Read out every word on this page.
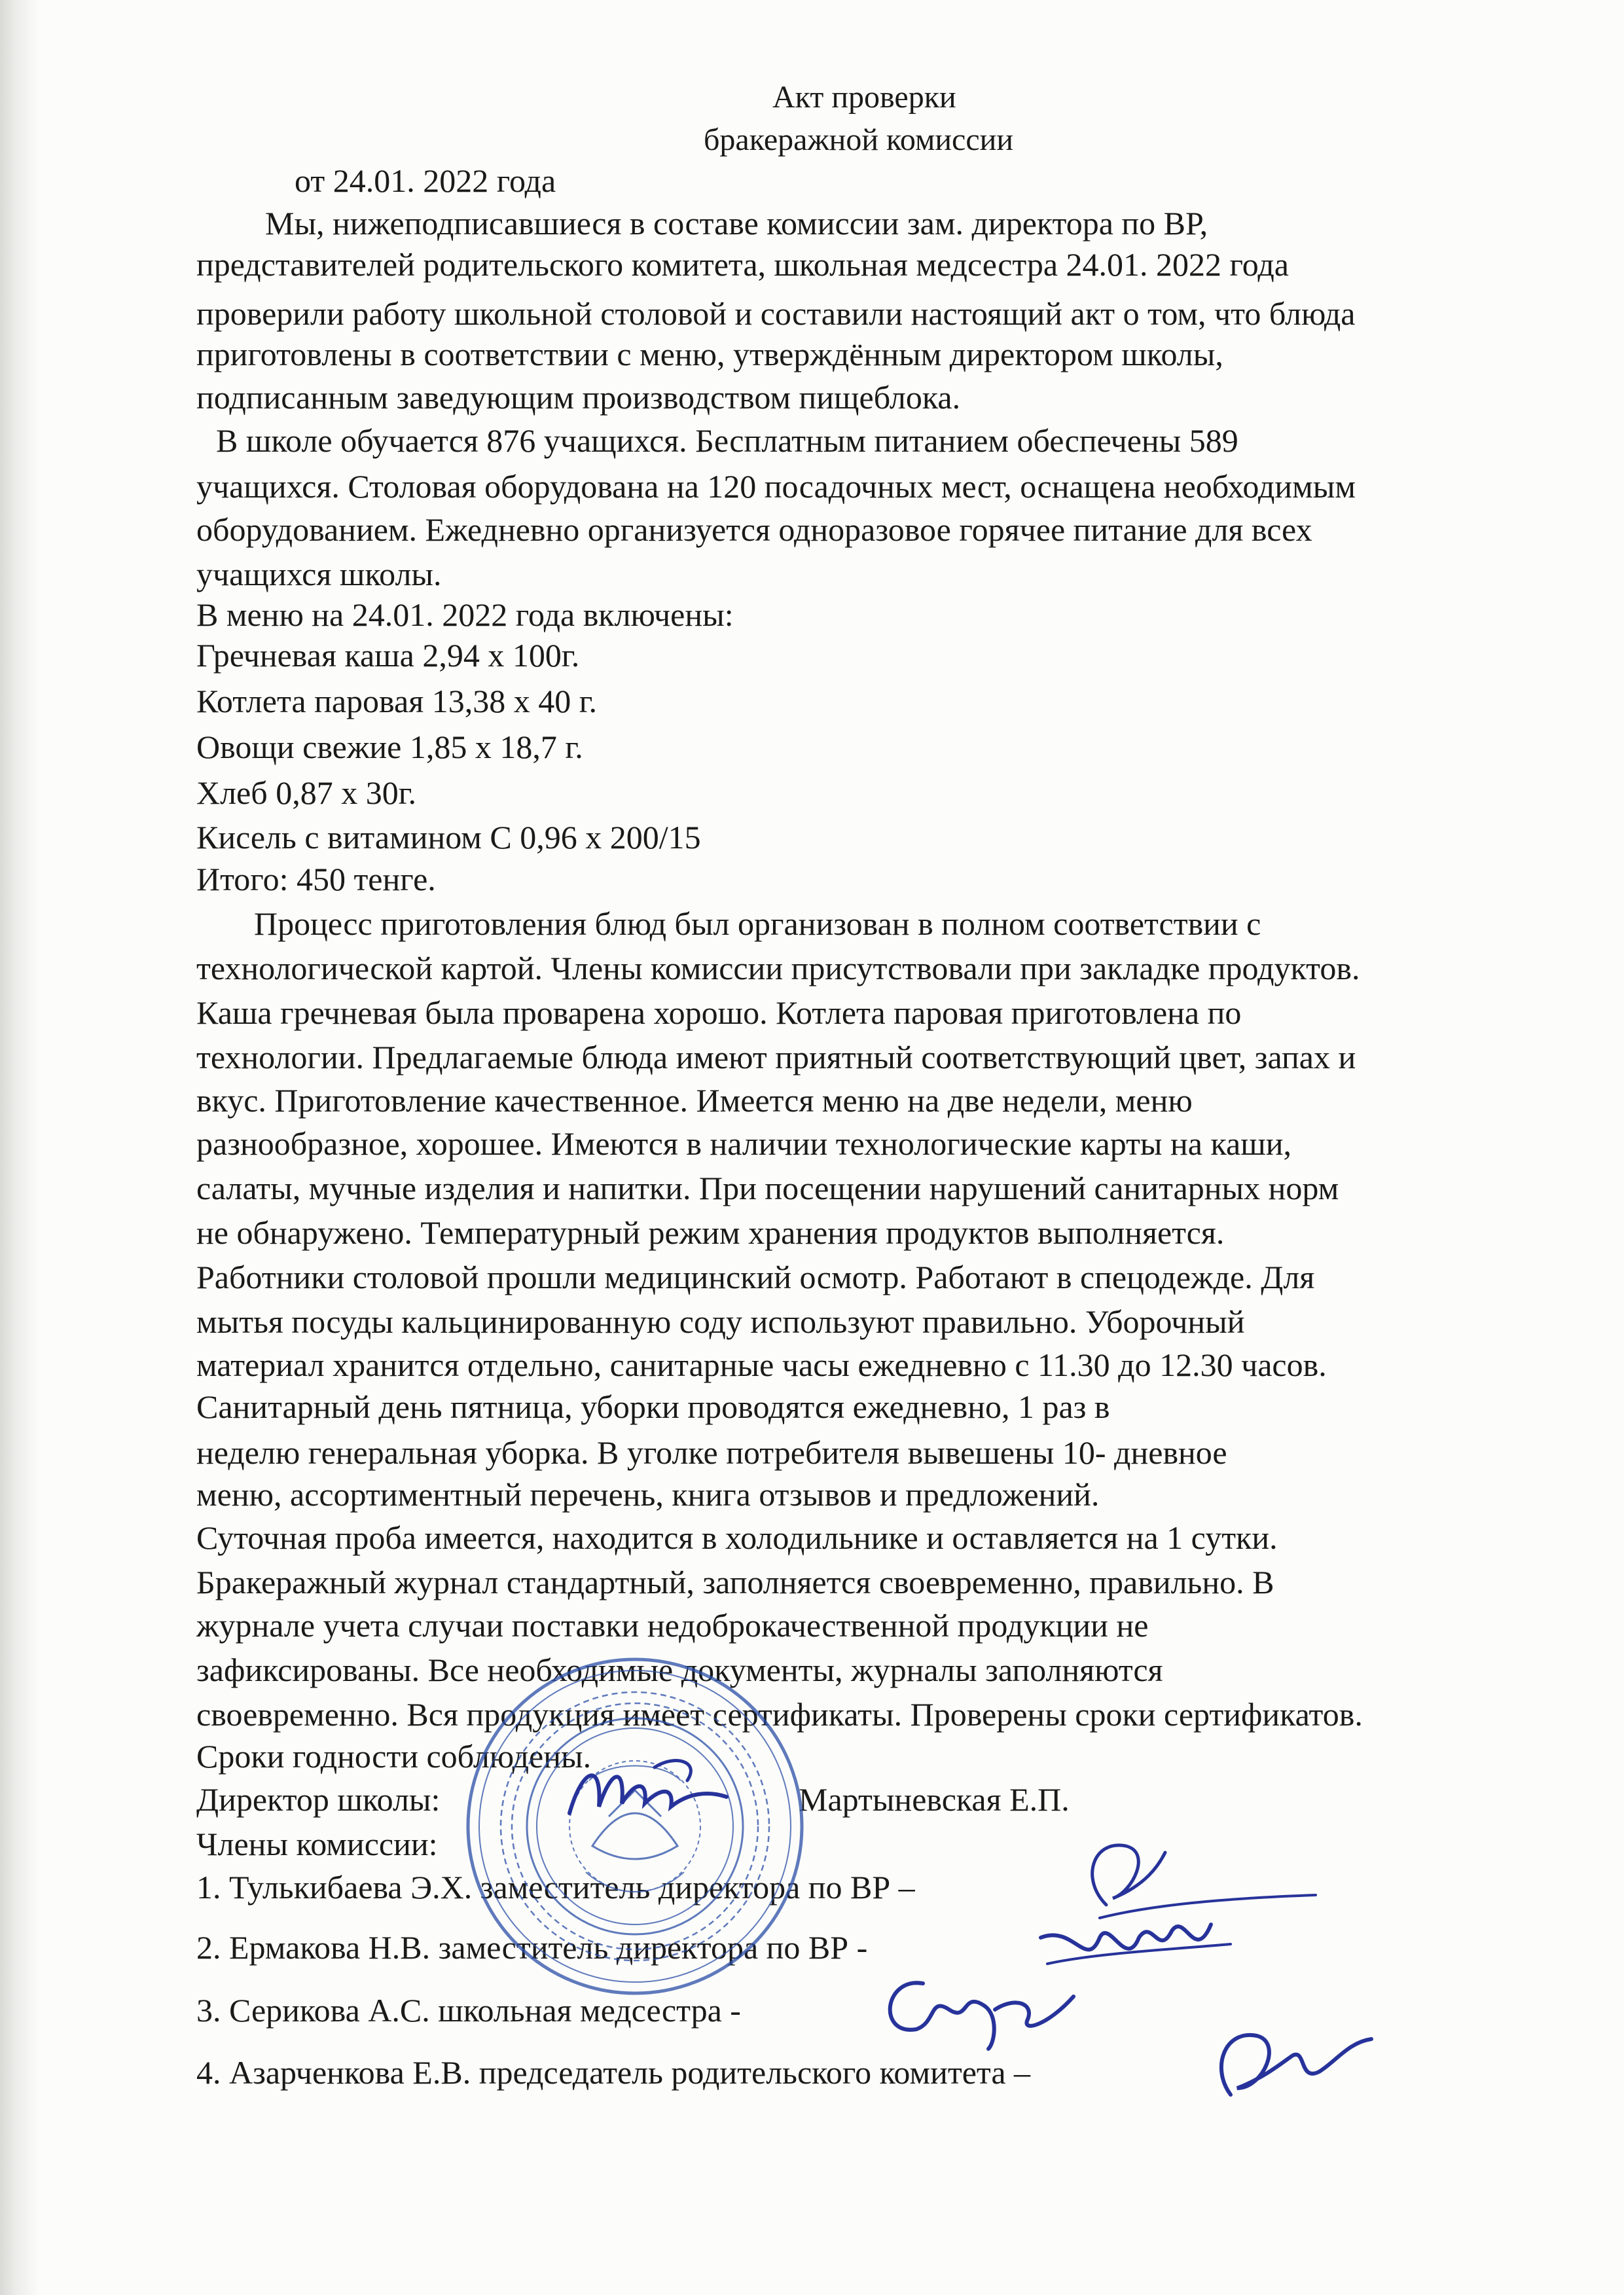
Акт проверки
бракеражной комиссии
от 24.01. 2022 года
Мы, нижеподписавшиеся в составе комиссии зам. директора по ВР,
представителей родительского комитета, школьная медсестра 24.01. 2022 года
проверили работу школьной столовой и составили настоящий акт о том, что блюда
приготовлены в соответствии с меню, утверждённым директором школы,
подписанным заведующим производством пищеблока.
В школе обучается 876 учащихся. Бесплатным питанием обеспечены 589
учащихся. Столовая оборудована на 120 посадочных мест, оснащена необходимым
оборудованием. Ежедневно организуется одноразовое горячее питание для всех
учащихся школы.
В меню на 24.01. 2022 года включены:
Гречневая каша 2,94 х 100г.
Котлета паровая 13,38 х 40 г.
Овощи свежие 1,85 х 18,7 г.
Хлеб 0,87 х 30г.
Кисель с витамином С 0,96 х 200/15
Итого: 450 тенге.
Процесс приготовления блюд был организован в полном соответствии с
технологической картой. Члены комиссии присутствовали при закладке продуктов.
Каша гречневая была проварена хорошо. Котлета паровая приготовлена по
технологии. Предлагаемые блюда имеют приятный соответствующий цвет, запах и
вкус. Приготовление качественное. Имеется меню на две недели, меню
разнообразное, хорошее. Имеются в наличии технологические карты на каши,
салаты, мучные изделия и напитки. При посещении нарушений санитарных норм
не обнаружено. Температурный режим хранения продуктов выполняется.
Работники столовой прошли медицинский осмотр. Работают в спецодежде. Для
мытья посуды кальцинированную соду используют правильно. Уборочный
материал хранится отдельно, санитарные часы ежедневно с 11.30 до 12.30 часов.
Санитарный день пятница, уборки проводятся ежедневно, 1 раз в
неделю генеральная уборка. В уголке потребителя вывешены 10- дневное
меню, ассортиментный перечень, книга отзывов и предложений.
Суточная проба имеется, находится в холодильнике и оставляется на 1 сутки.
Бракеражный журнал стандартный, заполняется своевременно, правильно. В
журнале учета случаи поставки недоброкачественной продукции не
зафиксированы. Все необходимые документы, журналы заполняются
своевременно. Вся продукция имеет сертификаты. Проверены сроки сертификатов.
Сроки годности соблюдены.
Директор школы:	Мартыневская Е.П.
Члены комиссии:
1. Тулькибаева Э.Х. заместитель директора по ВР –
2. Ермакова Н.В. заместитель директора по ВР -
3. Серикова А.С. школьная медсестра -
4. Азарченкова Е.В. председатель родительского комитета –
